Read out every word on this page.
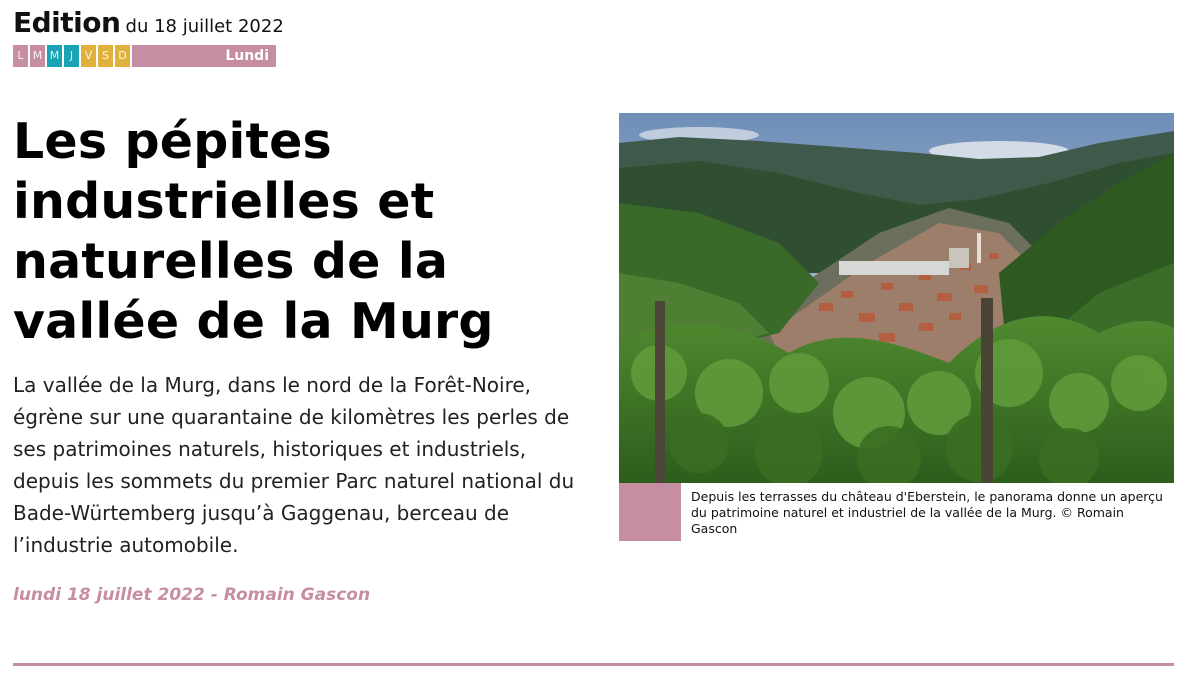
Edition du 18 juillet 2022
L M M J	V S D	Lundi
Les pépites industrielles et naturelles de la vallée de la Murg

La vallée de la Murg, dans le nord de la Forêt-Noire, égrène sur une quarantaine de kilomètres les perles de ses patrimoines naturels, historiques et industriels, depuis les sommets du premier Parc naturel national du Bade-Würtemberg jusqu’à Gaggenau, berceau de l’industrie automobile.

lundi 18 juillet 2022 - Romain Gascon

Depuis les terrasses du château d'Eberstein, le panorama donne un aperçu du patrimoine naturel et industriel de la vallée de la Murg. © Romain Gascon
